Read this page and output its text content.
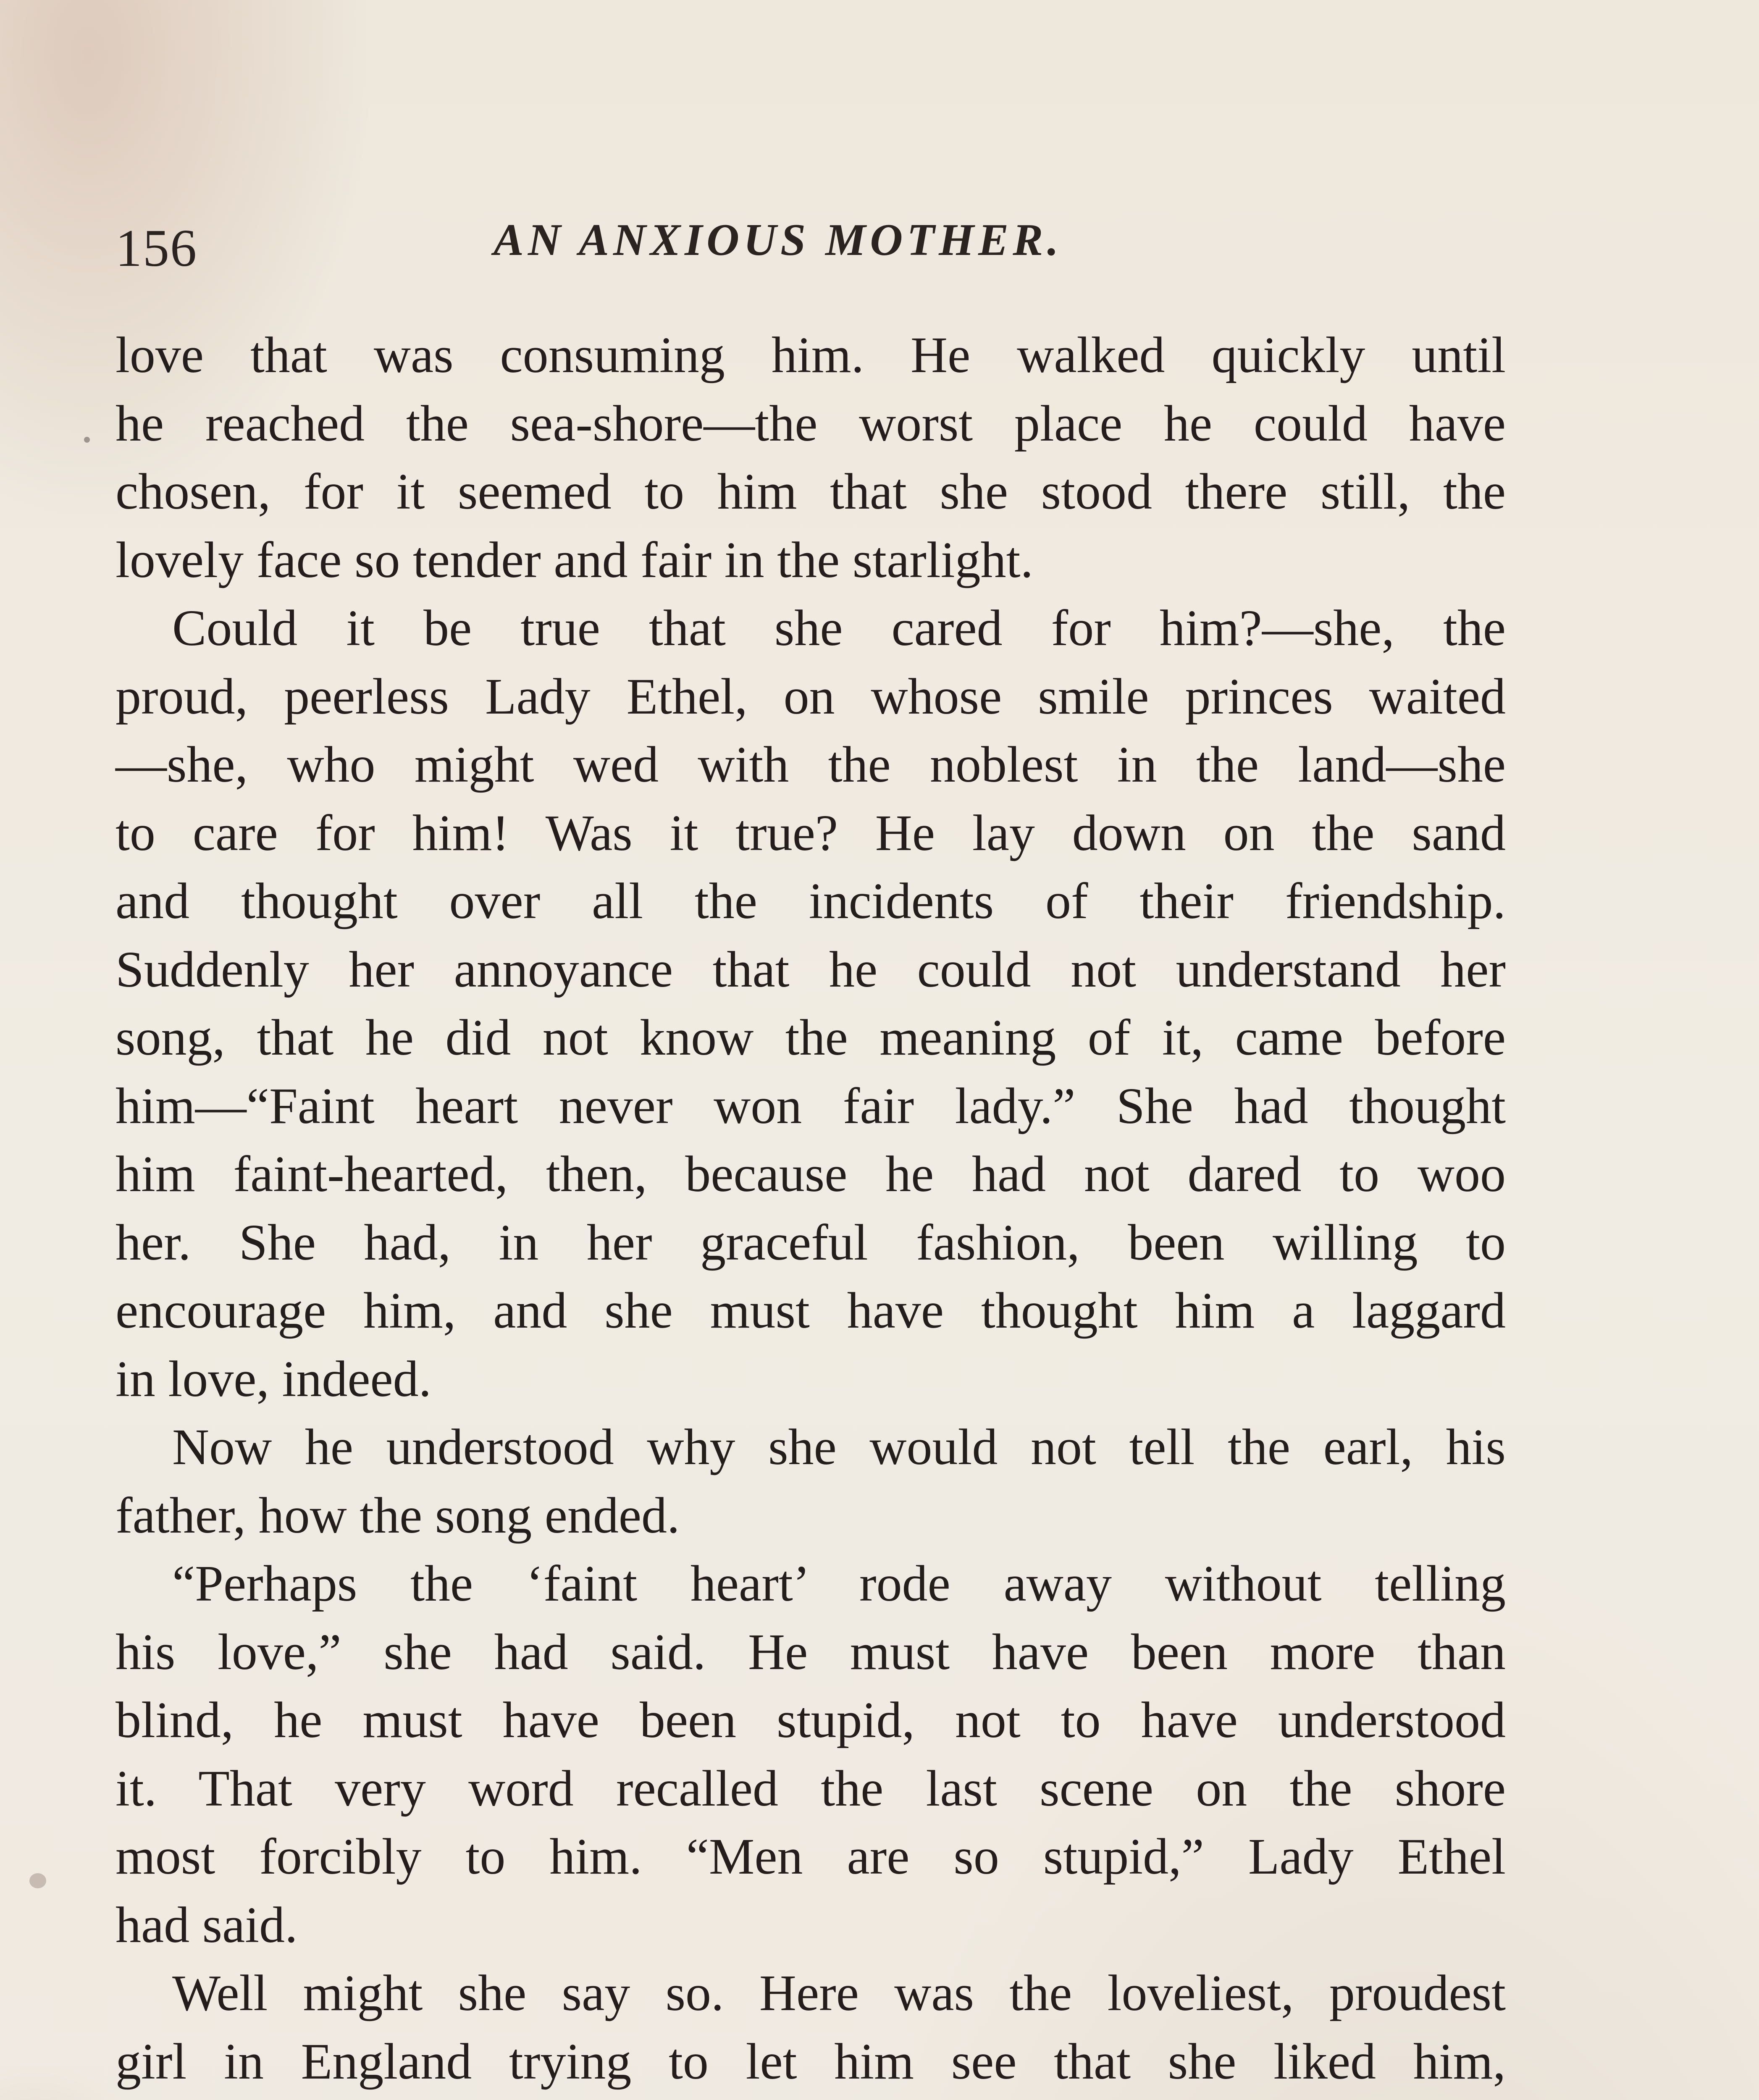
156	AN ANXIOUS MOTHER.
love that was consuming him. He walked quickly until
he reached the sea-shore—the worst place he could have
chosen, for it seemed to him that she stood there still, the
lovely face so tender and fair in the starlight.
Could it be true that she cared for him?—she, the
proud, peerless Lady Ethel, on whose smile princes waited
—she, who might wed with the noblest in the land—she
to care for him! Was it true? He lay down on the sand
and thought over all the incidents of their friendship.
Suddenly her annoyance that he could not understand her
song, that he did not know the meaning of it, came before
him—“Faint heart never won fair lady.” She had thought
him faint-hearted, then, because he had not dared to woo
her. She had, in her graceful fashion, been willing to
encourage him, and she must have thought him a laggard
in love, indeed.
Now he understood why she would not tell the earl, his
father, how the song ended.
“Perhaps the ‘faint heart’ rode away without telling
his love,” she had said. He must have been more than
blind, he must have been stupid, not to have understood
it. That very word recalled the last scene on the shore
most forcibly to him. “Men are so stupid,” Lady Ethel
had said.
Well might she say so. Here was the loveliest, proudest
girl in England trying to let him see that she liked him,
